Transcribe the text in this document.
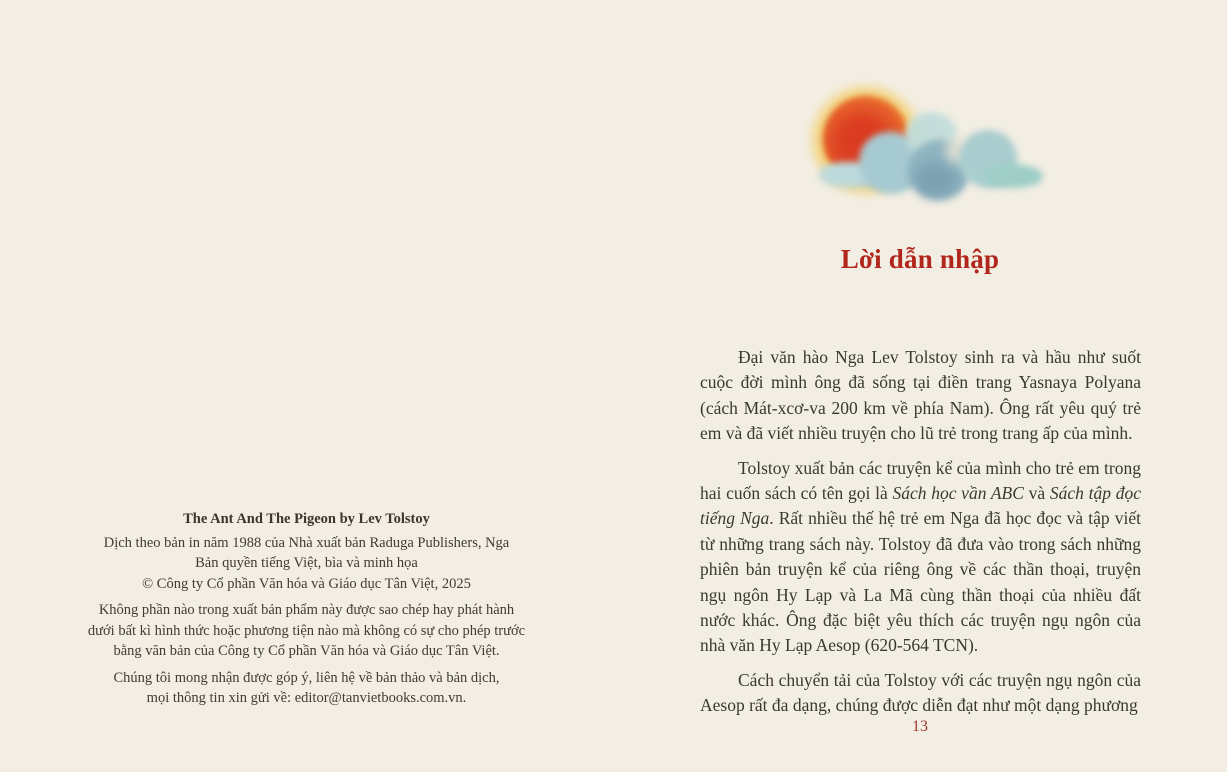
The Ant And The Pigeon by Lev Tolstoy
Dịch theo bản in năm 1988 của Nhà xuất bản Raduga Publishers, Nga
Bản quyền tiếng Việt, bìa và minh họa
© Công ty Cổ phần Văn hóa và Giáo dục Tân Việt, 2025
Không phần nào trong xuất bản phẩm này được sao chép hay phát hành
dưới bất kì hình thức hoặc phương tiện nào mà không có sự cho phép trước
bằng văn bản của Công ty Cổ phần Văn hóa và Giáo dục Tân Việt.
Chúng tôi mong nhận được góp ý, liên hệ về bản thảo và bản dịch,
mọi thông tin xin gửi về: editor@tanvietbooks.com.vn.
Lời dẫn nhập

Đại văn hào Nga Lev Tolstoy sinh ra và hầu như suốt cuộc đời mình ông đã sống tại điền trang Yasnaya Polyana (cách Mát-xcơ-va 200 km về phía Nam). Ông rất yêu quý trẻ em và đã viết nhiều truyện cho lũ trẻ trong trang ấp của mình.

Tolstoy xuất bản các truyện kể của mình cho trẻ em trong hai cuốn sách có tên gọi là Sách học vần ABC và Sách tập đọc tiếng Nga. Rất nhiều thế hệ trẻ em Nga đã học đọc và tập viết từ những trang sách này. Tolstoy đã đưa vào trong sách những phiên bản truyện kể của riêng ông về các thần thoại, truyện ngụ ngôn Hy Lạp và La Mã cùng thần thoại của nhiều đất nước khác. Ông đặc biệt yêu thích các truyện ngụ ngôn của nhà văn Hy Lạp Aesop (620-564 TCN).

Cách chuyển tải của Tolstoy với các truyện ngụ ngôn của Aesop rất đa dạng, chúng được diễn đạt như một dạng phương

13
